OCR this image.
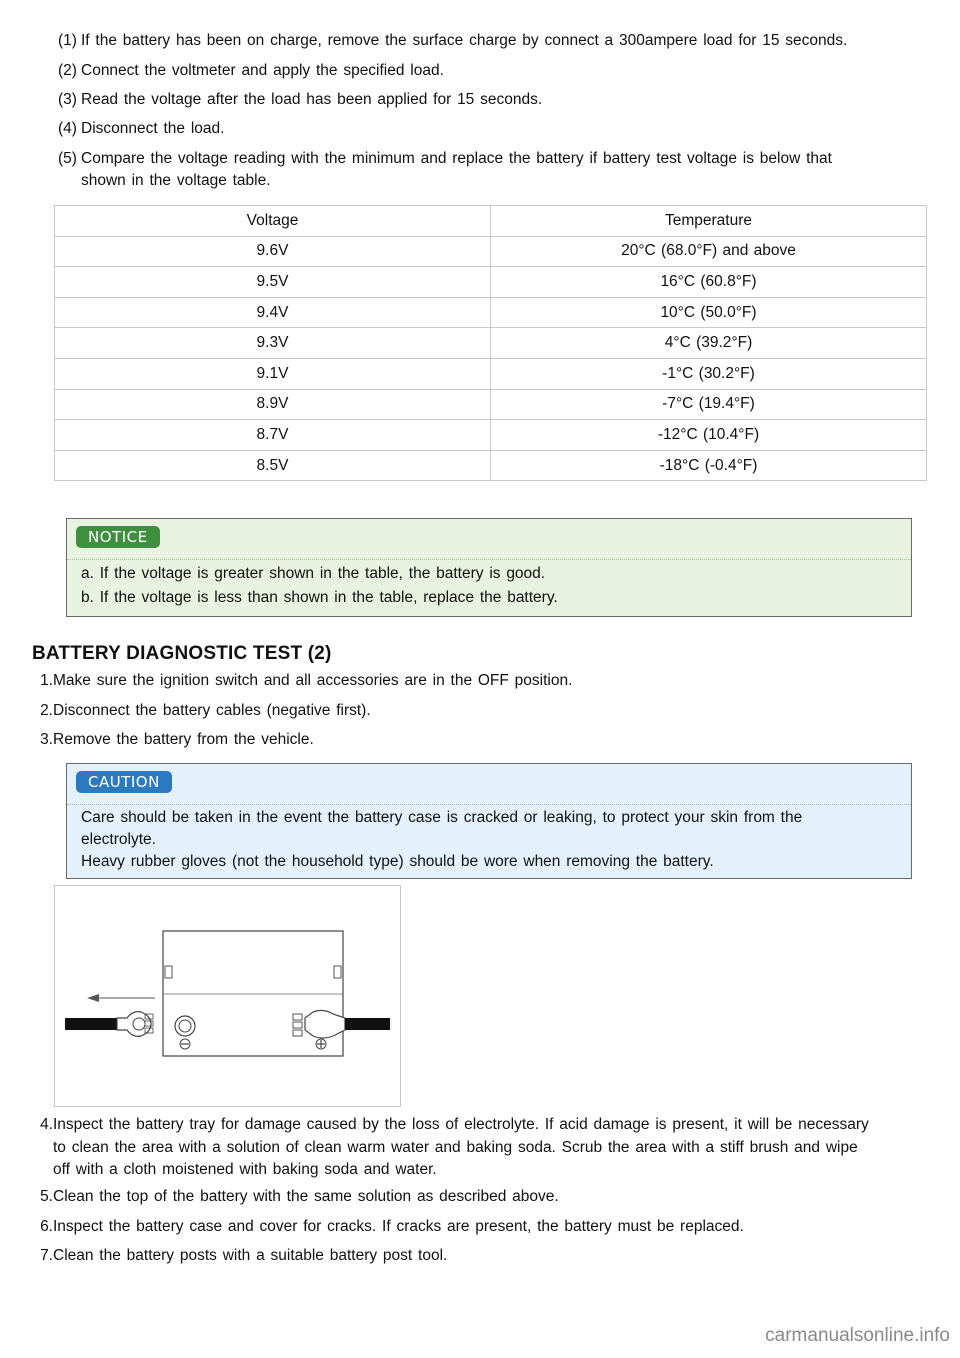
(1) If the battery has been on charge, remove the surface charge by connect a 300ampere load for 15 seconds.
(2) Connect the voltmeter and apply the specified load.
(3) Read the voltage after the load has been applied for 15 seconds.
(4) Disconnect the load.
(5) Compare the voltage reading with the minimum and replace the battery if battery test voltage is below that
shown in the voltage table.
Voltage	Temperature
9.6V	20°C (68.0°F) and above
9.5V	16°C (60.8°F)
9.4V	10°C (50.0°F)
9.3V	4°C (39.2°F)
9.1V	-1°C (30.2°F)
8.9V	-7°C (19.4°F)
8.7V	-12°C (10.4°F)
8.5V	-18°C (-0.4°F)
NOTICE
a. If the voltage is greater shown in the table, the battery is good.
b. If the voltage is less than shown in the table, replace the battery.
BATTERY DIAGNOSTIC TEST (2)
1. Make sure the ignition switch and all accessories are in the OFF position.
2. Disconnect the battery cables (negative first).
3. Remove the battery from the vehicle.
CAUTION
Care should be taken in the event the battery case is cracked or leaking, to protect your skin from the
electrolyte.
Heavy rubber gloves (not the household type) should be wore when removing the battery.
4. Inspect the battery tray for damage caused by the loss of electrolyte. If acid damage is present, it will be necessary
to clean the area with a solution of clean warm water and baking soda. Scrub the area with a stiff brush and wipe
off with a cloth moistened with baking soda and water.
5. Clean the top of the battery with the same solution as described above.
6. Inspect the battery case and cover for cracks. If cracks are present, the battery must be replaced.
7. Clean the battery posts with a suitable battery post tool.
carmanualsonline.info
